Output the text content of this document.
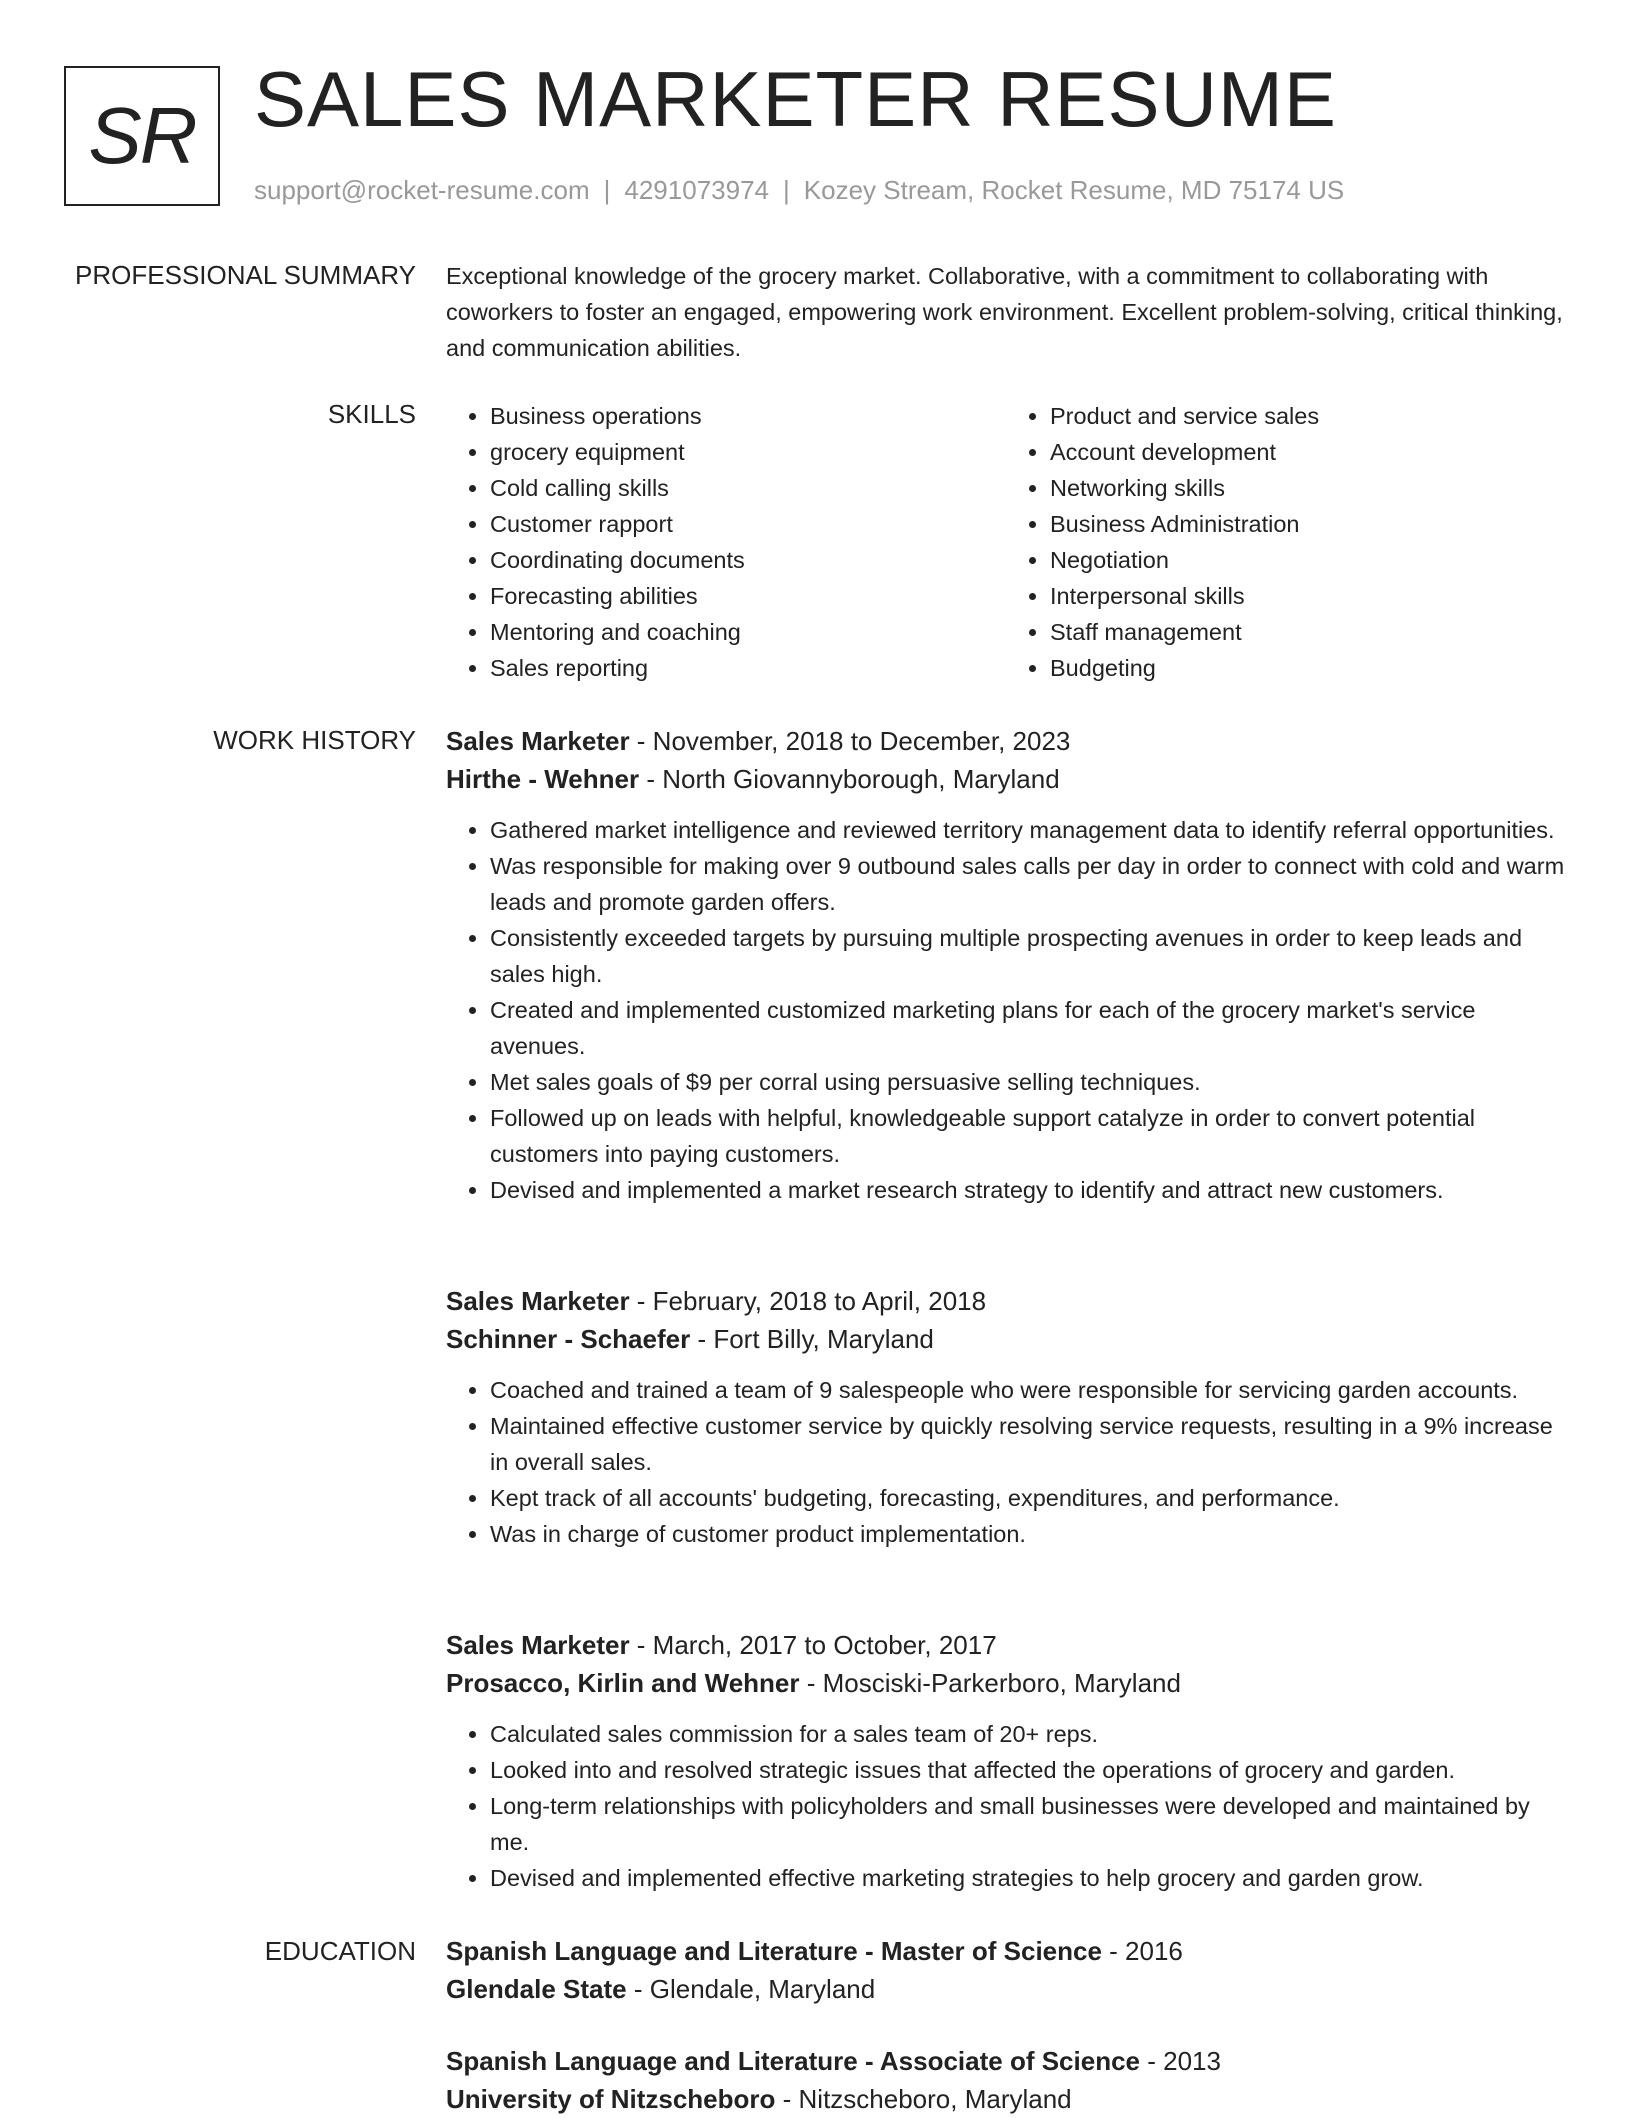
SR SALES MARKETER RESUME
support@rocket-resume.com | 4291073974 | Kozey Stream, Rocket Resume, MD 75174 US
PROFESSIONAL SUMMARY Exceptional knowledge of the grocery market. Collaborative, with a commitment to collaborating with coworkers to foster an engaged, empowering work environment. Excellent problem-solving, critical thinking, and communication abilities.
SKILLS
•	Business operations
• grocery equipment
• Cold calling skills
• Customer rapport
• Coordinating documents
• Forecasting abilities
• Mentoring and coaching
• Sales reporting
• Product and service sales
• Account development
• Networking skills
• Business Administration
• Negotiation
• Interpersonal skills
• Staff management
• Budgeting
WORK HISTORY Sales Marketer - November, 2018 to December, 2023
Hirthe - Wehner - North Giovannyborough, Maryland
• Gathered market intelligence and reviewed territory management data to identify referral opportunities.
• Was responsible for making over 9 outbound sales calls per day in order to connect with cold and warm leads and promote garden offers.
• Consistently exceeded targets by pursuing multiple prospecting avenues in order to keep leads and sales high.
• Created and implemented customized marketing plans for each of the grocery market's service avenues.
• Met sales goals of $9 per corral using persuasive selling techniques.
• Followed up on leads with helpful, knowledgeable support catalyze in order to convert potential customers into paying customers.
• Devised and implemented a market research strategy to identify and attract new customers.
Sales Marketer - February, 2018 to April, 2018
Schinner - Schaefer - Fort Billy, Maryland
• Coached and trained a team of 9 salespeople who were responsible for servicing garden accounts.
• Maintained effective customer service by quickly resolving service requests, resulting in a 9% increase in overall sales.
• Kept track of all accounts' budgeting, forecasting, expenditures, and performance.
• Was in charge of customer product implementation.
Sales Marketer - March, 2017 to October, 2017
Prosacco, Kirlin and Wehner - Mosciski-Parkerboro, Maryland
• Calculated sales commission for a sales team of 20+ reps.
• Looked into and resolved strategic issues that affected the operations of grocery and garden.
• Long-term relationships with policyholders and small businesses were developed and maintained by me.
• Devised and implemented effective marketing strategies to help grocery and garden grow.
EDUCATION Spanish Language and Literature - Master of Science - 2016
Glendale State - Glendale, Maryland
Spanish Language and Literature - Associate of Science - 2013
University of Nitzscheboro - Nitzscheboro, Maryland
